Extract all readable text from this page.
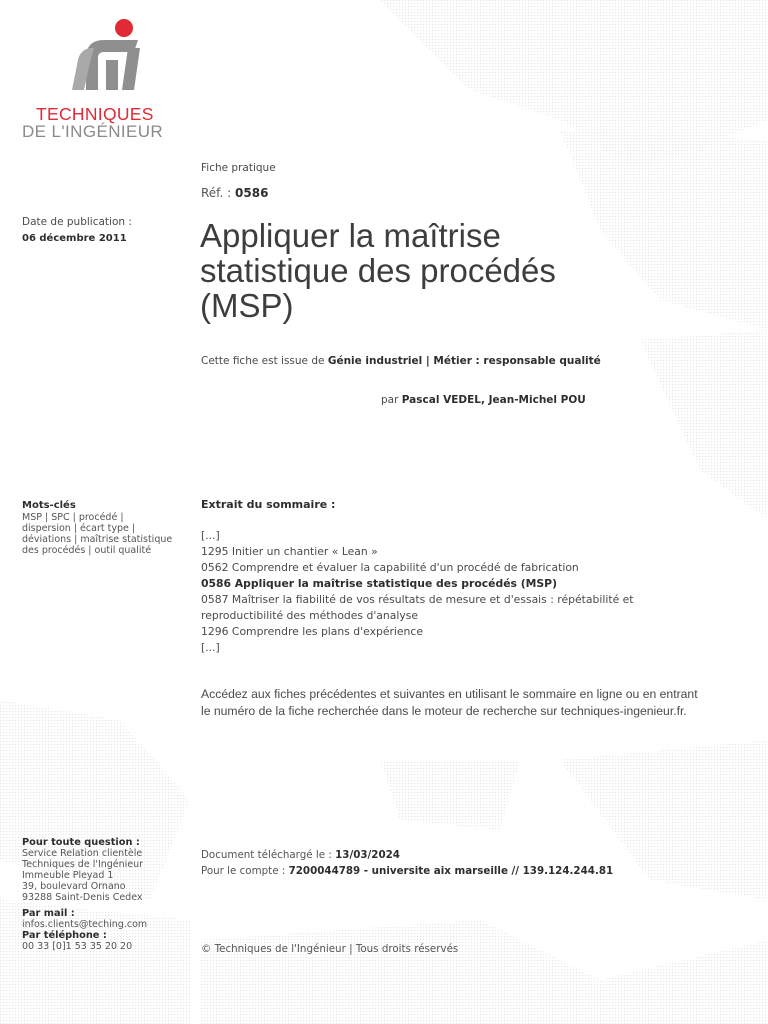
TECHNIQUES
DE L'INGÉNIEUR
Fiche pratique
Réf. : 0586
Date de publication :
06 décembre 2011 Appliquer la maîtrise
statistique des procédés
(MSP)
Cette fiche est issue de Génie industriel | Métier : responsable qualité
par Pascal VEDEL, Jean-Michel POU
Mots-clés
MSP | SPC | procédé |
dispersion | écart type |
déviations | maîtrise statistique
des procédés | outil qualité
Extrait du sommaire :
[...]
1295 Initier un chantier « Lean »
0562 Comprendre et évaluer la capabilité d'un procédé de fabrication
0586 Appliquer la maîtrise statistique des procédés (MSP)
0587 Maîtriser la fiabilité de vos résultats de mesure et d'essais : répétabilité et reproductibilité des méthodes d'analyse
1296 Comprendre les plans d'expérience
[...]
Accédez aux fiches précédentes et suivantes en utilisant le sommaire en ligne ou en entrant
le numéro de la fiche recherchée dans le moteur de recherche sur techniques-ingenieur.fr.
Pour toute question :
Service Relation clientèle
Techniques de l'Ingénieur
Immeuble Pleyad 1
39, boulevard Ornano
93288 Saint-Denis Cedex
Par mail :
infos.clients@teching.com
Par téléphone :
00 33 [0]1 53 35 20 20
Document téléchargé le : 13/03/2024
Pour le compte : 7200044789 - universite aix marseille // 139.124.244.81
© Techniques de l'Ingénieur | Tous droits réservés
